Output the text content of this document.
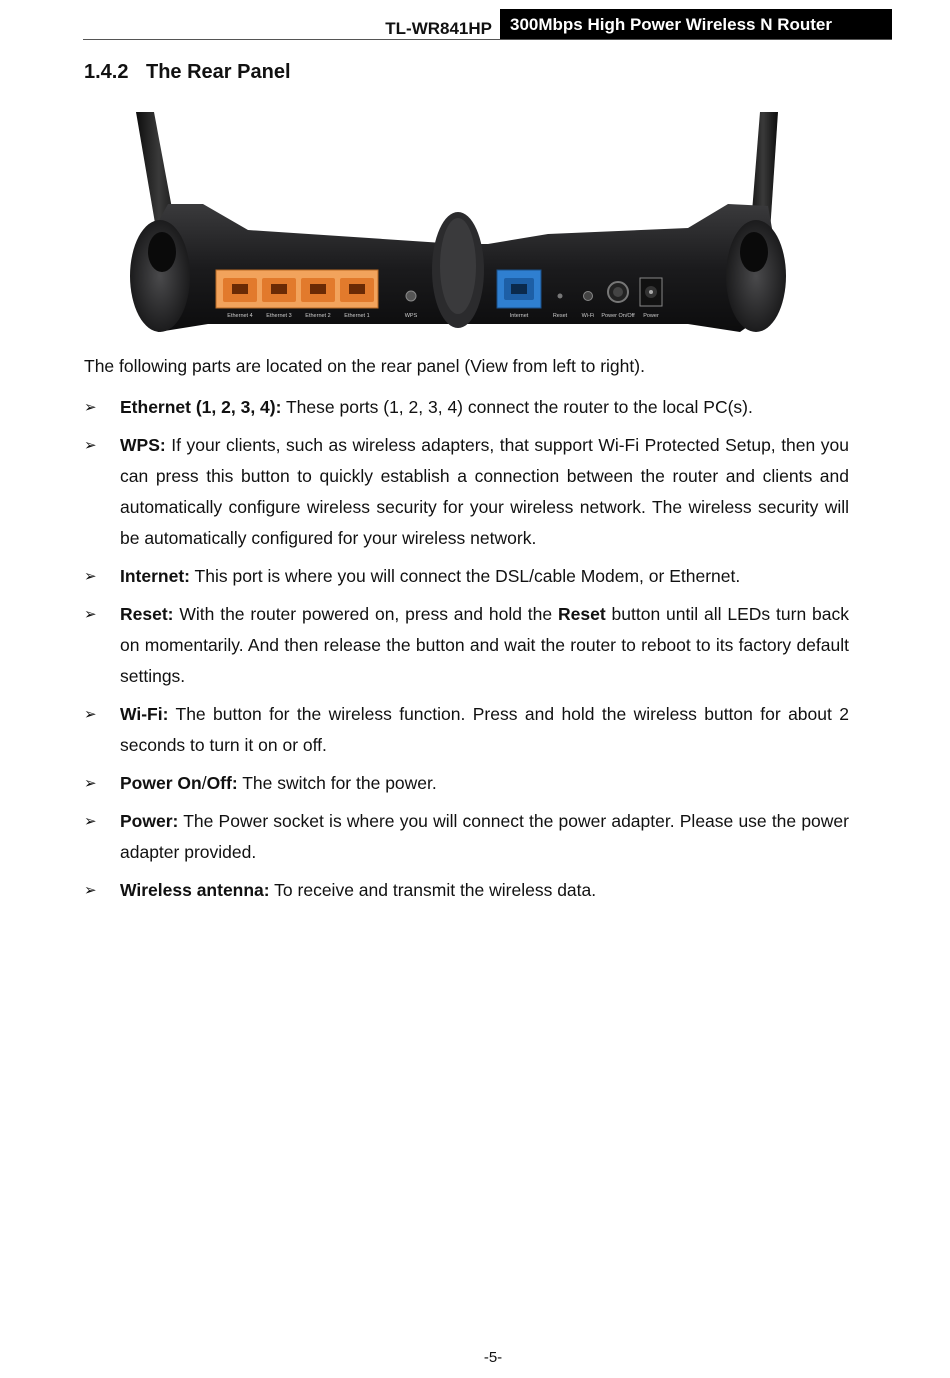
TL-WR841HP	300Mbps High Power Wireless N Router
1.4.2 The Rear Panel
Ethernet 4 Ethernet 3 Ethernet 2 Ethernet 1	WPS	Internet	Reset	Wi-Fi Power On/Off Power
The following parts are located on the rear panel (View from left to right).
➢ Ethernet (1, 2, 3, 4): These ports (1, 2, 3, 4) connect the router to the local PC(s).
➢ WPS: If your clients, such as wireless adapters, that support Wi-Fi Protected Setup, then you can press this button to quickly establish a connection between the router and clients and automatically configure wireless security for your wireless network. The wireless security will be automatically configured for your wireless network.
➢ Internet: This port is where you will connect the DSL/cable Modem, or Ethernet.
➢ Reset: With the router powered on, press and hold the Reset button until all LEDs turn back on momentarily. And then release the button and wait the router to reboot to its factory default settings.
➢ Wi-Fi: The button for the wireless function. Press and hold the wireless button for about 2 seconds to turn it on or off.
➢ Power On/Off: The switch for the power.
➢ Power: The Power socket is where you will connect the power adapter. Please use the power adapter provided.
➢ Wireless antenna: To receive and transmit the wireless data.
-5-
